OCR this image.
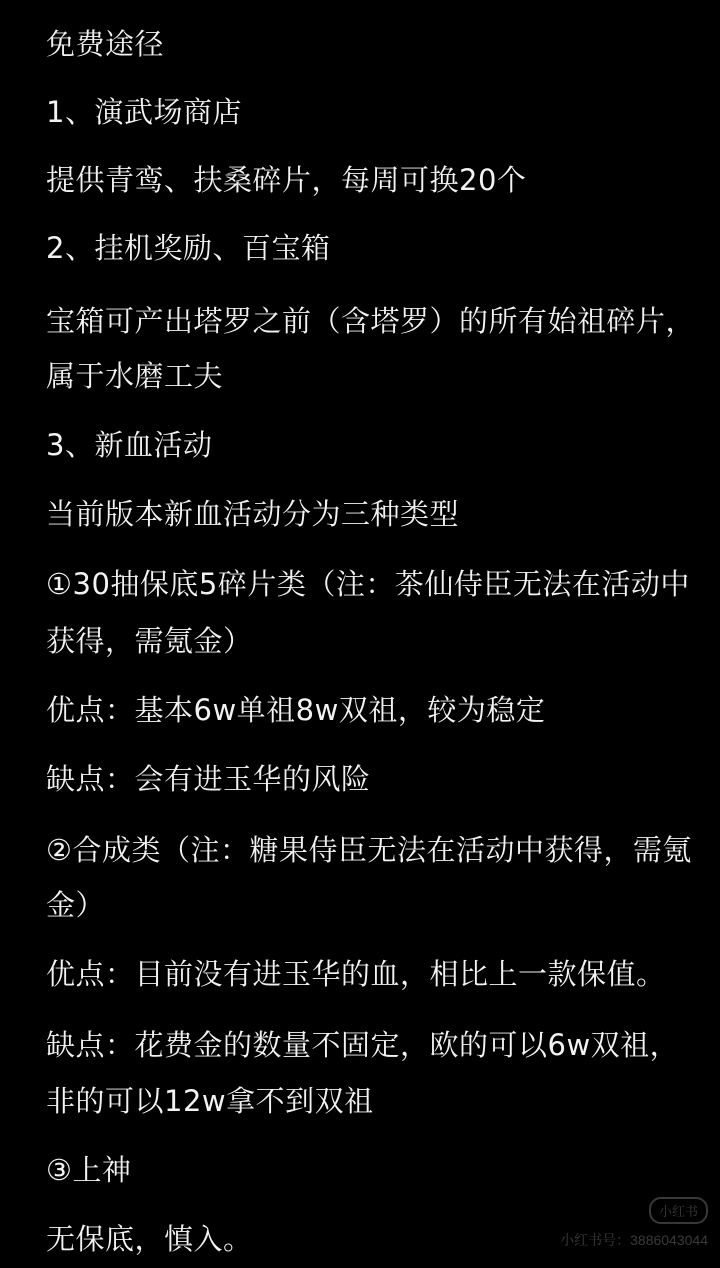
免费途径
1、演武场商店
提供青鸾、扶桑碎片，每周可换20个
2、挂机奖励、百宝箱
宝箱可产出塔罗之前（含塔罗）的所有始祖碎片，
属于水磨工夫
3、新血活动
当前版本新血活动分为三种类型
①30抽保底5碎片类（注：茶仙侍臣无法在活动中
获得，需氪金）
优点：基本6w单祖8w双祖，较为稳定
缺点：会有进玉华的风险
②合成类（注：糖果侍臣无法在活动中获得，需氪
金）
优点：目前没有进玉华的血，相比上一款保值。
缺点：花费金的数量不固定，欧的可以6w双祖，
非的可以12w拿不到双祖
③上神
无保底，慎入。
小红书
小红书号：3886043044
